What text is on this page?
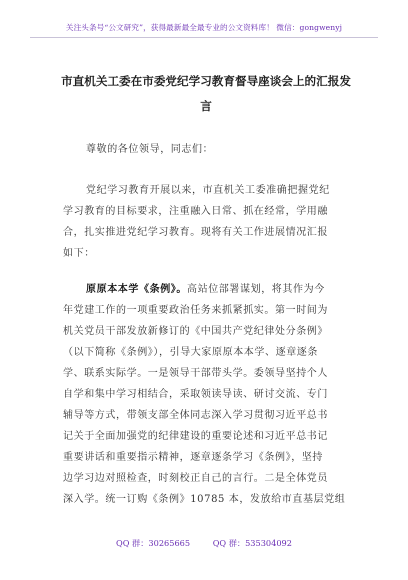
关注头条号“公文研究”，获得最新最全最专业的公文资料库！ 微信：gongwenyj
市直机关工委在市委党纪学习教育督导座谈会上的汇报发
言
尊敬的各位领导，同志们：
党纪学习教育开展以来，市直机关工委准确把握党纪
学习教育的目标要求，注重融入日常、抓在经常，学用融
合，扎实推进党纪学习教育。现将有关工作进展情况汇报
如下：
原原本本学《条例》。高站位部署谋划，将其作为今
年党建工作的一项重要政治任务来抓紧抓实。第一时间为
机关党员干部发放新修订的《中国共产党纪律处分条例》
（以下简称《条例》），引导大家原原本本学、逐章逐条
学、联系实际学。一是领导干部带头学。委领导坚持个人
自学和集中学习相结合，采取领读导读、研讨交流、专门
辅导等方式，带领支部全体同志深入学习贯彻习近平总书
记关于全面加强党的纪律建设的重要论述和习近平总书记
重要讲话和重要指示精神，逐章逐条学习《条例》，坚持
边学习边对照检查，时刻校正自己的言行。二是全体党员
深入学。统一订购《条例》10785 本，发放给市直基层党组
QQ 群：30265665	QQ 群：535304092
